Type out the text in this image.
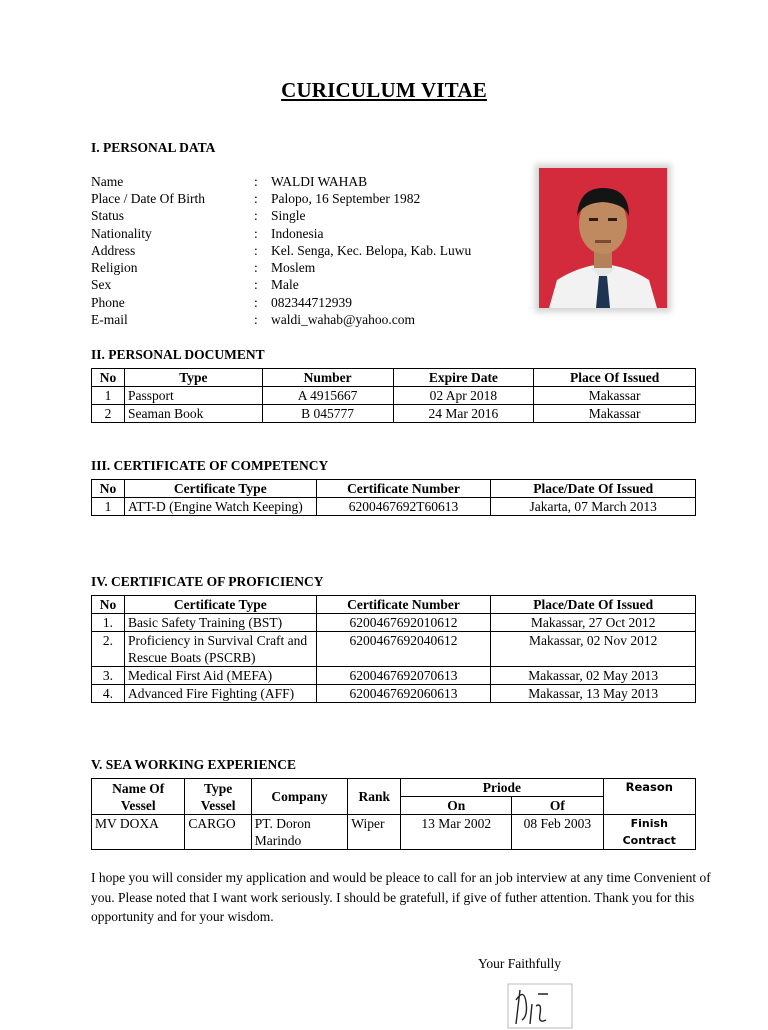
CURICULUM VITAE
I. PERSONAL DATA
Name	: WALDI WAHAB
Place / Date Of Birth	: Palopo, 16 September 1982
Status	: Single
Nationality	: Indonesia
Address	: Kel. Senga, Kec. Belopa, Kab. Luwu
Religion	: Moslem
Sex	: Male
Phone	: 082344712939
E-mail	: waldi_wahab@yahoo.com
II. PERSONAL DOCUMENT
No	Type	Number	Expire Date	Place Of Issued
1	Passport	A 4915667	02 Apr 2018	Makassar
2	Seaman Book	B 045777	24 Mar 2016	Makassar
III. CERTIFICATE OF COMPETENCY
No	Certificate Type	Certificate Number	Place/Date Of Issued
1	ATT-D (Engine Watch Keeping)	6200467692T60613	Jakarta, 07 March 2013
IV. CERTIFICATE OF PROFICIENCY
No	Certificate Type	Certificate Number	Place/Date Of Issued
1.	Basic Safety Training (BST)	6200467692010612	Makassar, 27 Oct 2012
2.	Proficiency in Survival Craft and Rescue Boats (PSCRB)	6200467692040612	Makassar, 02 Nov 2012
3.	Medical First Aid (MEFA)	6200467692070613	Makassar, 02 May 2013
4.	Advanced Fire Fighting (AFF)	6200467692060613	Makassar, 13 May 2013
V. SEA WORKING EXPERIENCE
Name Of Vessel	Type Vessel	Company	Rank	Priode		Reason
				On	Of	
MV DOXA	CARGO	PT. Doron Marindo	Wiper	13 Mar 2002	08 Feb 2003	Finish Contract
I hope you will consider my application and would be pleace to call for an job interview at any time Convenient of you. Please noted that I want work seriously. I should be gratefull, if give of futher attention. Thank you for this opportunity and for your wisdom.
Your Faithfully
